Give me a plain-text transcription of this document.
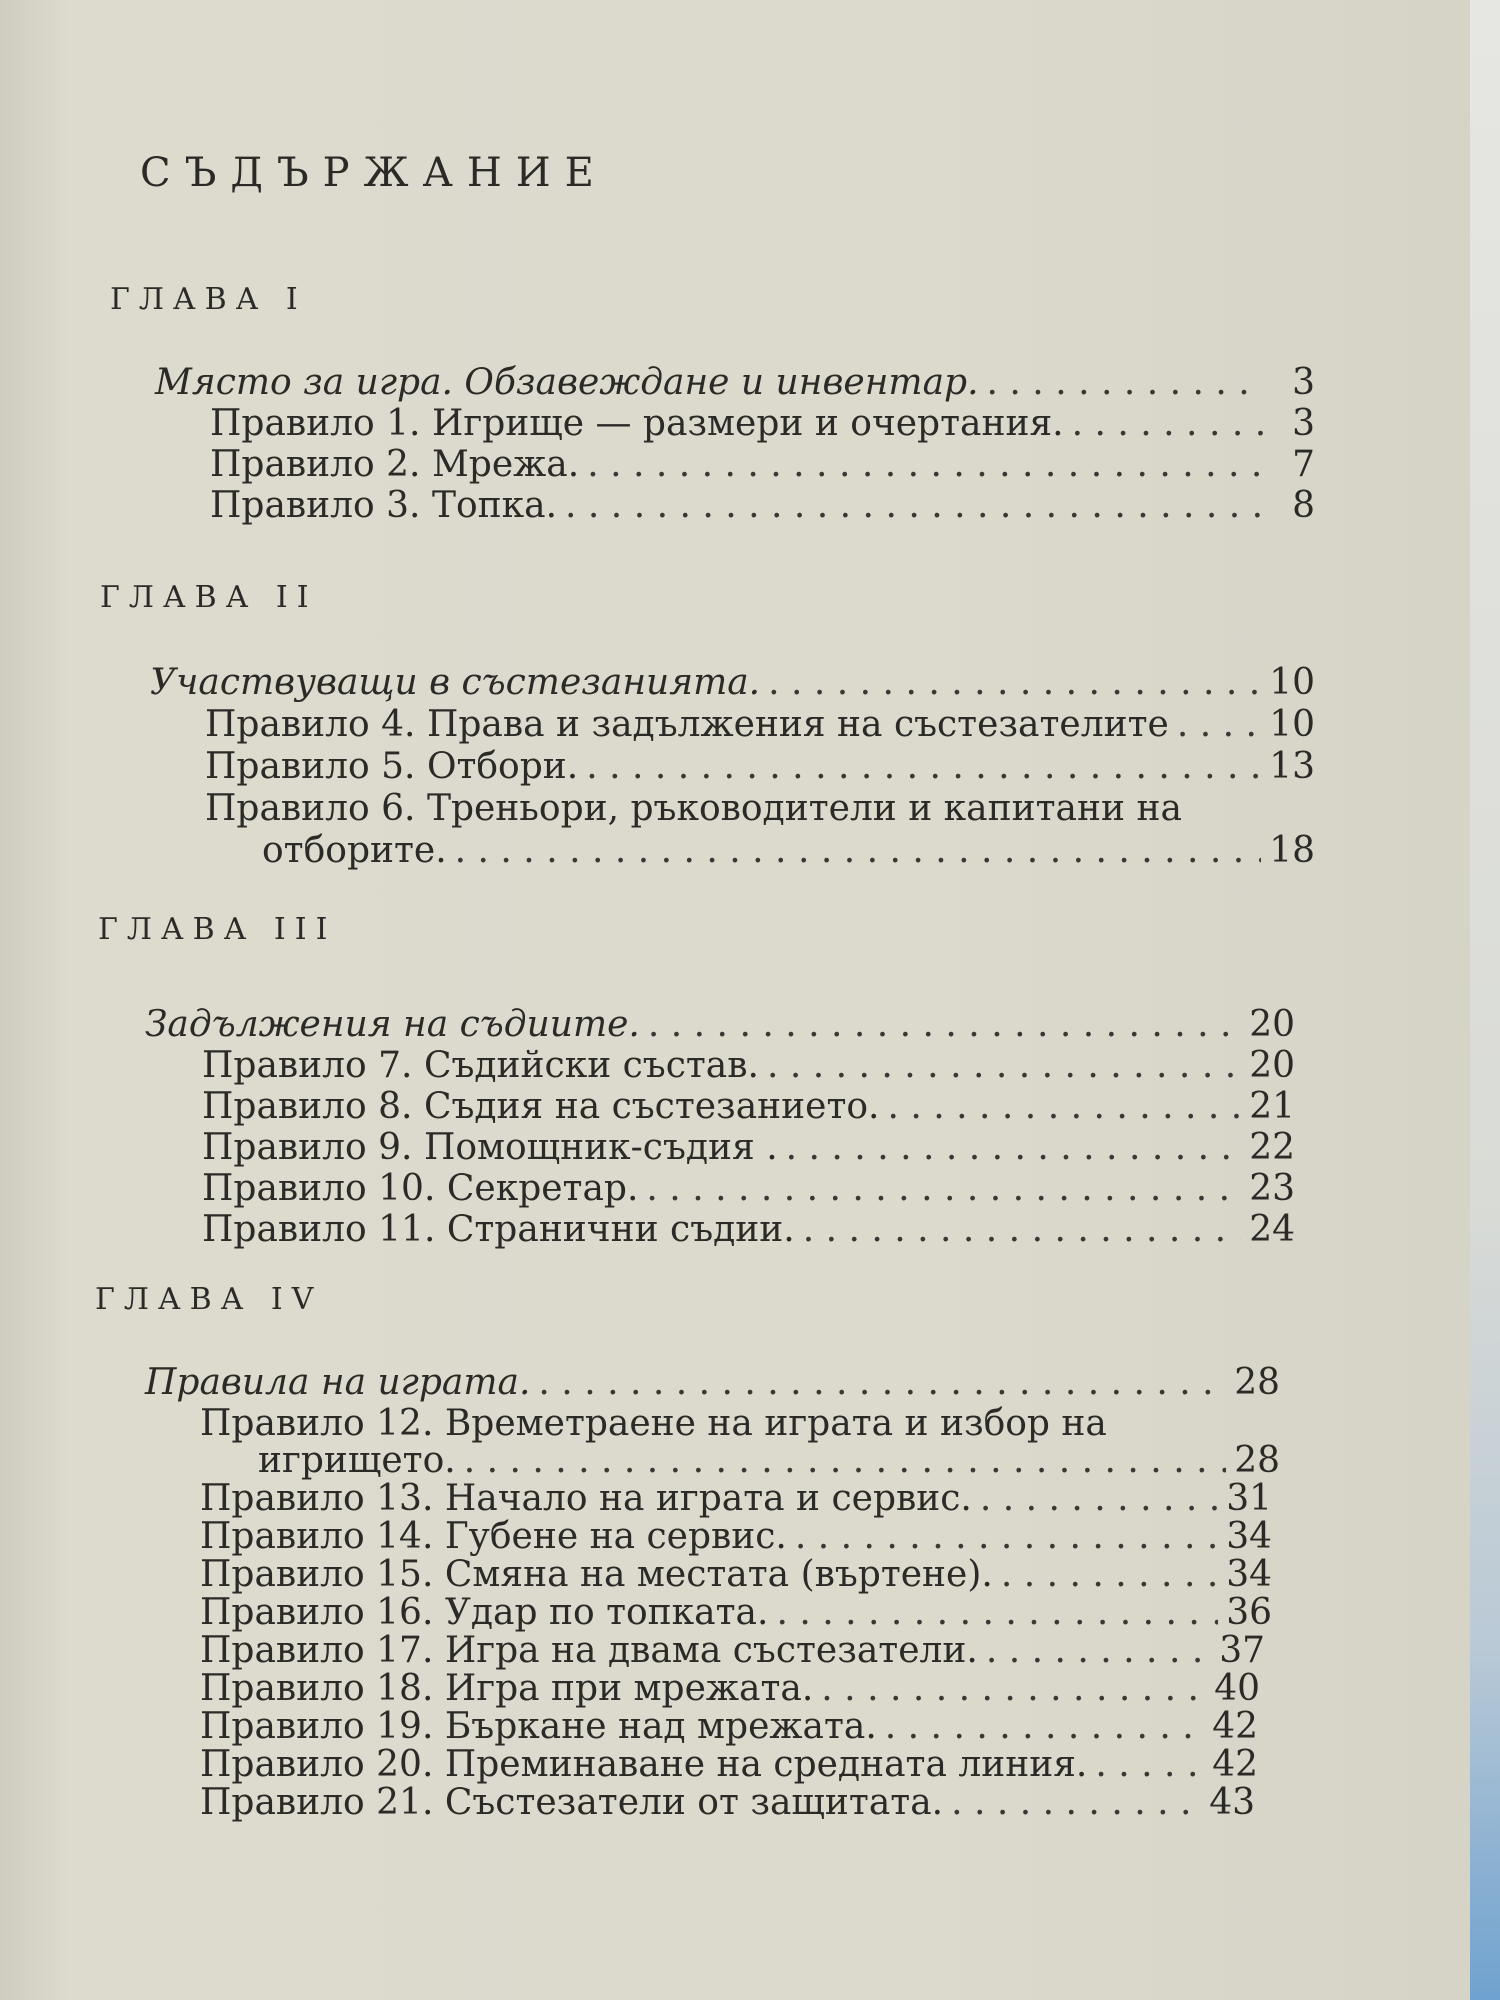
СЪДЪРЖАНИЕ
ГЛАВА I
Място за игра. Обзавеждане и инвентар. . .	3
Правило 1. Игрище — размери и очертания. . .	3
Правило 2. Мрежа. . .	7
Правило 3. Топка. . .	8
ГЛАВА II
Участвуващи в състезанията. . .	10
Правило 4. Права и задължения на състезателите . .	10
Правило 5. Отбори. . .	13
Правило 6. Треньори, ръководители и капитани на
отборите. . .	18
ГЛАВА III
Задължения на съдиите. . .	20
Правило 7. Съдийски състав. . .	20
Правило 8. Съдия на състезанието. . .	21
Правило 9. Помощник-съдия . . .	22
Правило 10. Секретар. . .	23
Правило 11. Странични съдии. . .	24
ГЛАВА IV
Правила на играта. . .	28
Правило 12. Времетраене на играта и избор на
игрището. . .	28
Правило 13. Начало на играта и сервис. . .	31
Правило 14. Губене на сервис. . .	34
Правило 15. Смяна на местата (въртене). . .	34
Правило 16. Удар по топката. . .	36
Правило 17. Игра на двама състезатели. . .	37
Правило 18. Игра при мрежата. . .	40
Правило 19. Бъркане над мрежата. . .	42
Правило 20. Преминаване на средната линия. . .	42
Правило 21. Състезатели от защитата. . .	43
